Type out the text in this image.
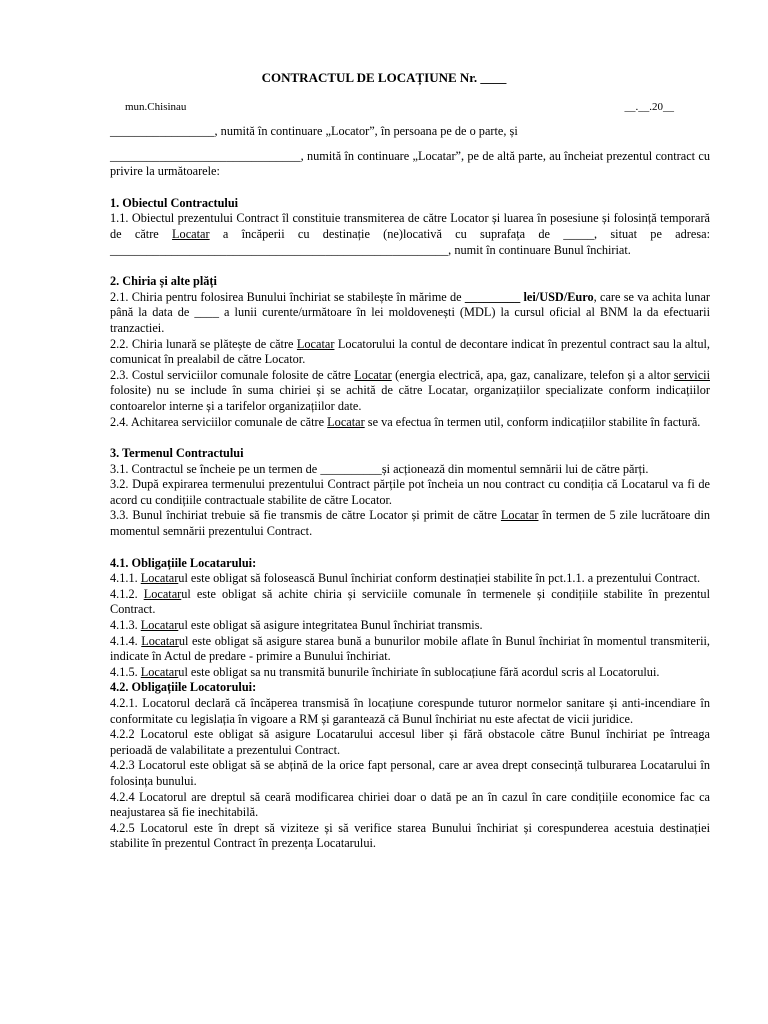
CONTRACTUL DE LOCAȚIUNE Nr. ____
mun.Chisinau	__.__.20__

_________________, numită în continuare „Locator”, în persoana pe de o parte, și

_______________________________, numită în continuare „Locatar”, pe de altă parte, au încheiat prezentul contract cu privire la următoarele:

1. Obiectul Contractului

1.1. Obiectul prezentului Contract îl constituie transmiterea de către Locator și luarea în posesiune și folosință temporară de către Locatar a încăperii cu destinație (ne)locativă cu suprafața de _____, situat pe adresa: _______________________________________________________, numit în continuare Bunul închiriat.

2. Chiria și alte plăți

2.1. Chiria pentru folosirea Bunului închiriat se stabilește în mărime de _________ lei/USD/Euro, care se va achita lunar până la data de ____ a lunii curente/următoare în lei moldovenești (MDL) la cursul oficial al BNM la da efectuarii tranzactiei.

2.2. Chiria lunară se plătește de către Locatar Locatorului la contul de decontare indicat în prezentul contract sau la altul, comunicat în prealabil de către Locator.

2.3. Costul serviciilor comunale folosite de către Locatar (energia electrică, apa, gaz, canalizare, telefon și a altor servicii folosite) nu se include în suma chiriei și se achită de către Locatar, organizațiilor specializate conform indicațiilor contoarelor interne și a tarifelor organizațiilor date.

2.4. Achitarea serviciilor comunale de către Locatar se va efectua în termen util, conform indicațiilor stabilite în factură.

3. Termenul Contractului

3.1. Contractul se încheie pe un termen de __________și acționează din momentul semnării lui de către părți.

3.2. După expirarea termenului prezentului Contract părțile pot încheia un nou contract cu condiția că Locatarul va fi de acord cu condițiile contractuale stabilite de către Locator.

3.3. Bunul închiriat trebuie să fie transmis de către Locator și primit de către Locatar în termen de 5 zile lucrătoare din momentul semnării prezentului Contract.

4.1. Obligațiile Locatarului:

4.1.1. Locatarul este obligat să folosească Bunul închiriat conform destinației stabilite în pct.1.1. a prezentului Contract.

4.1.2. Locatarul este obligat să achite chiria și serviciile comunale în termenele și condițiile stabilite în prezentul Contract.

4.1.3. Locatarul este obligat să asigure integritatea Bunul închiriat transmis.

4.1.4. Locatarul este obligat să asigure starea bună a bunurilor mobile aflate în Bunul închiriat în momentul transmiterii, indicate în Actul de predare - primire a Bunului închiriat.

4.1.5. Locatarul este obligat sa nu transmită bunurile închiriate în sublocațiune fără acordul scris al Locatorului.

4.2. Obligațiile Locatorului:

4.2.1. Locatorul declară că încăperea transmisă în locațiune corespunde tuturor normelor sanitare și anti-incendiare în conformitate cu legislația în vigoare a RM și garantează că Bunul închiriat nu este afectat de vicii juridice.

4.2.2 Locatorul este obligat să asigure Locatarului accesul liber și fără obstacole către Bunul închiriat pe întreaga perioadă de valabilitate a prezentului Contract.

4.2.3 Locatorul este obligat să se abțină de la orice fapt personal, care ar avea drept consecință tulburarea Locatarului în folosința bunului.

4.2.4 Locatorul are dreptul să ceară modificarea chiriei doar o dată pe an în cazul în care condițiile economice fac ca neajustarea să fie inechitabilă.

4.2.5 Locatorul este în drept să viziteze și să verifice starea Bunului închiriat și corespunderea acestuia destinației stabilite în prezentul Contract în prezența Locatarului.
